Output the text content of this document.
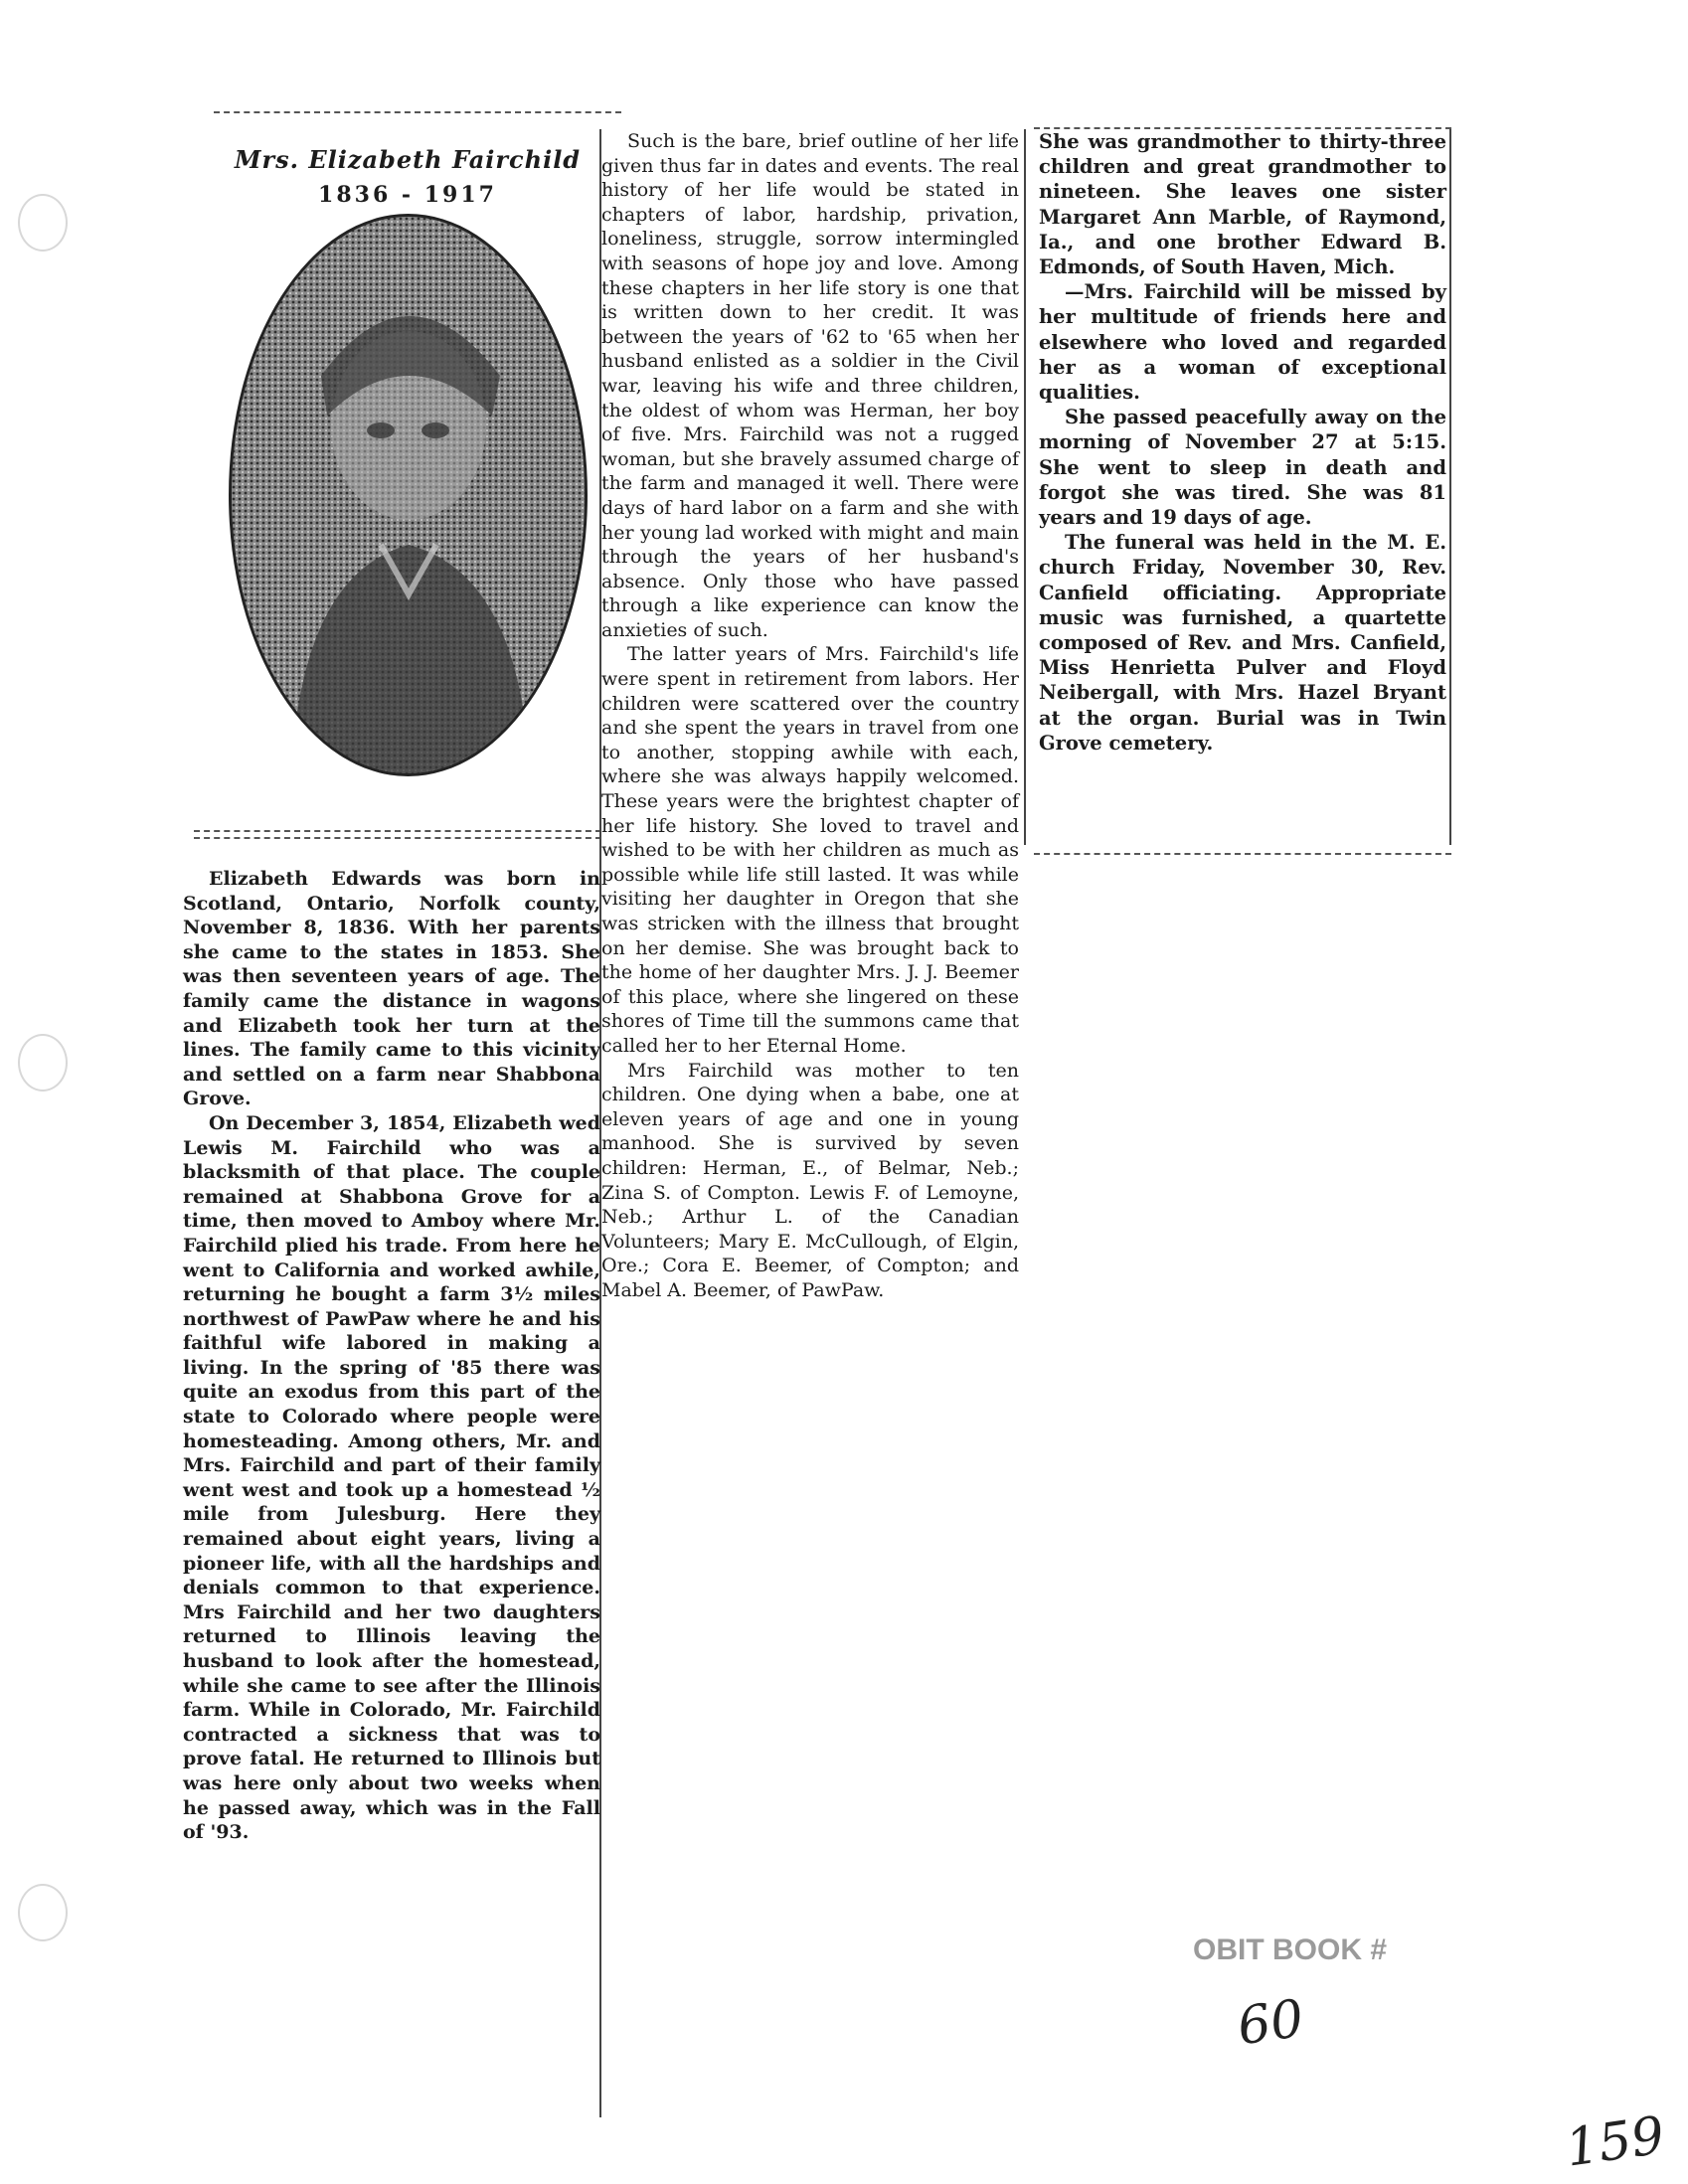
Mrs. Elizabeth Fairchild
1836 - 1917

Elizabeth Edwards was born in Scotland, Ontario, Norfolk county, November 8, 1836. With her parents she came to the states in 1853. She was then seventeen years of age. The family came the distance in wagons and Elizabeth took her turn at the lines. The family came to this vicinity and settled on a farm near Shabbona Grove.

On December 3, 1854, Elizabeth wed Lewis M. Fairchild who was a blacksmith of that place. The couple remained at Shabbona Grove for a time, then moved to Amboy where Mr. Fairchild plied his trade. From here he went to California and worked awhile, returning he bought a farm 3½ miles northwest of PawPaw where he and his faithful wife labored in making a living. In the spring of '85 there was quite an exodus from this part of the state to Colorado where people were homesteading. Among others, Mr. and Mrs. Fairchild and part of their family went west and took up a homestead ½ mile from Julesburg. Here they remained about eight years, living a pioneer life, with all the hardships and denials common to that experience. Mrs Fairchild and her two daughters returned to Illinois leaving the husband to look after the homestead, while she came to see after the Illinois farm. While in Colorado, Mr. Fairchild contracted a sickness that was to prove fatal. He returned to Illinois but was here only about two weeks when he passed away, which was in the Fall of '93.

Such is the bare, brief outline of her life given thus far in dates and events. The real history of her life would be stated in chapters of labor, hardship, privation, loneliness, struggle, sorrow intermingled with seasons of hope joy and love. Among these chapters in her life story is one that is written down to her credit. It was between the years of '62 to '65 when her husband enlisted as a soldier in the Civil war, leaving his wife and three children, the oldest of whom was Herman, her boy of five. Mrs. Fairchild was not a rugged woman, but she bravely assumed charge of the farm and managed it well. There were days of hard labor on a farm and she with her young lad worked with might and main through the years of her husband's absence. Only those who have passed through a like experience can know the anxieties of such.

The latter years of Mrs. Fairchild's life were spent in retirement from labors. Her children were scattered over the country and she spent the years in travel from one to another, stopping awhile with each, where she was always happily welcomed. These years were the brightest chapter of her life history. She loved to travel and wished to be with her children as much as possible while life still lasted. It was while visiting her daughter in Oregon that she was stricken with the illness that brought on her demise. She was brought back to the home of her daughter Mrs. J. J. Beemer of this place, where she lingered on these shores of Time till the summons came that called her to her Eternal Home.

Mrs Fairchild was mother to ten children. One dying when a babe, one at eleven years of age and one in young manhood. She is survived by seven children: Herman, E., of Belmar, Neb.; Zina S. of Compton. Lewis F. of Lemoyne, Neb.; Arthur L. of the Canadian Volunteers; Mary E. McCullough, of Elgin, Ore.; Cora E. Beemer, of Compton; and Mabel A. Beemer, of PawPaw.

She was grandmother to thirty-three children and great grandmother to nineteen. She leaves one sister Margaret Ann Marble, of Raymond, Ia., and one brother Edward B. Edmonds, of South Haven, Mich.

—Mrs. Fairchild will be missed by her multitude of friends here and elsewhere who loved and regarded her as a woman of exceptional qualities.

She passed peacefully away on the morning of November 27 at 5:15. She went to sleep in death and forgot she was tired. She was 81 years and 19 days of age.

The funeral was held in the M. E. church Friday, November 30, Rev. Canfield officiating. Appropriate music was furnished, a quartette composed of Rev. and Mrs. Canfield, Miss Henrietta Pulver and Floyd Neibergall, with Mrs. Hazel Bryant at the organ. Burial was in Twin Grove cemetery.

OBIT BOOK #
60
159
